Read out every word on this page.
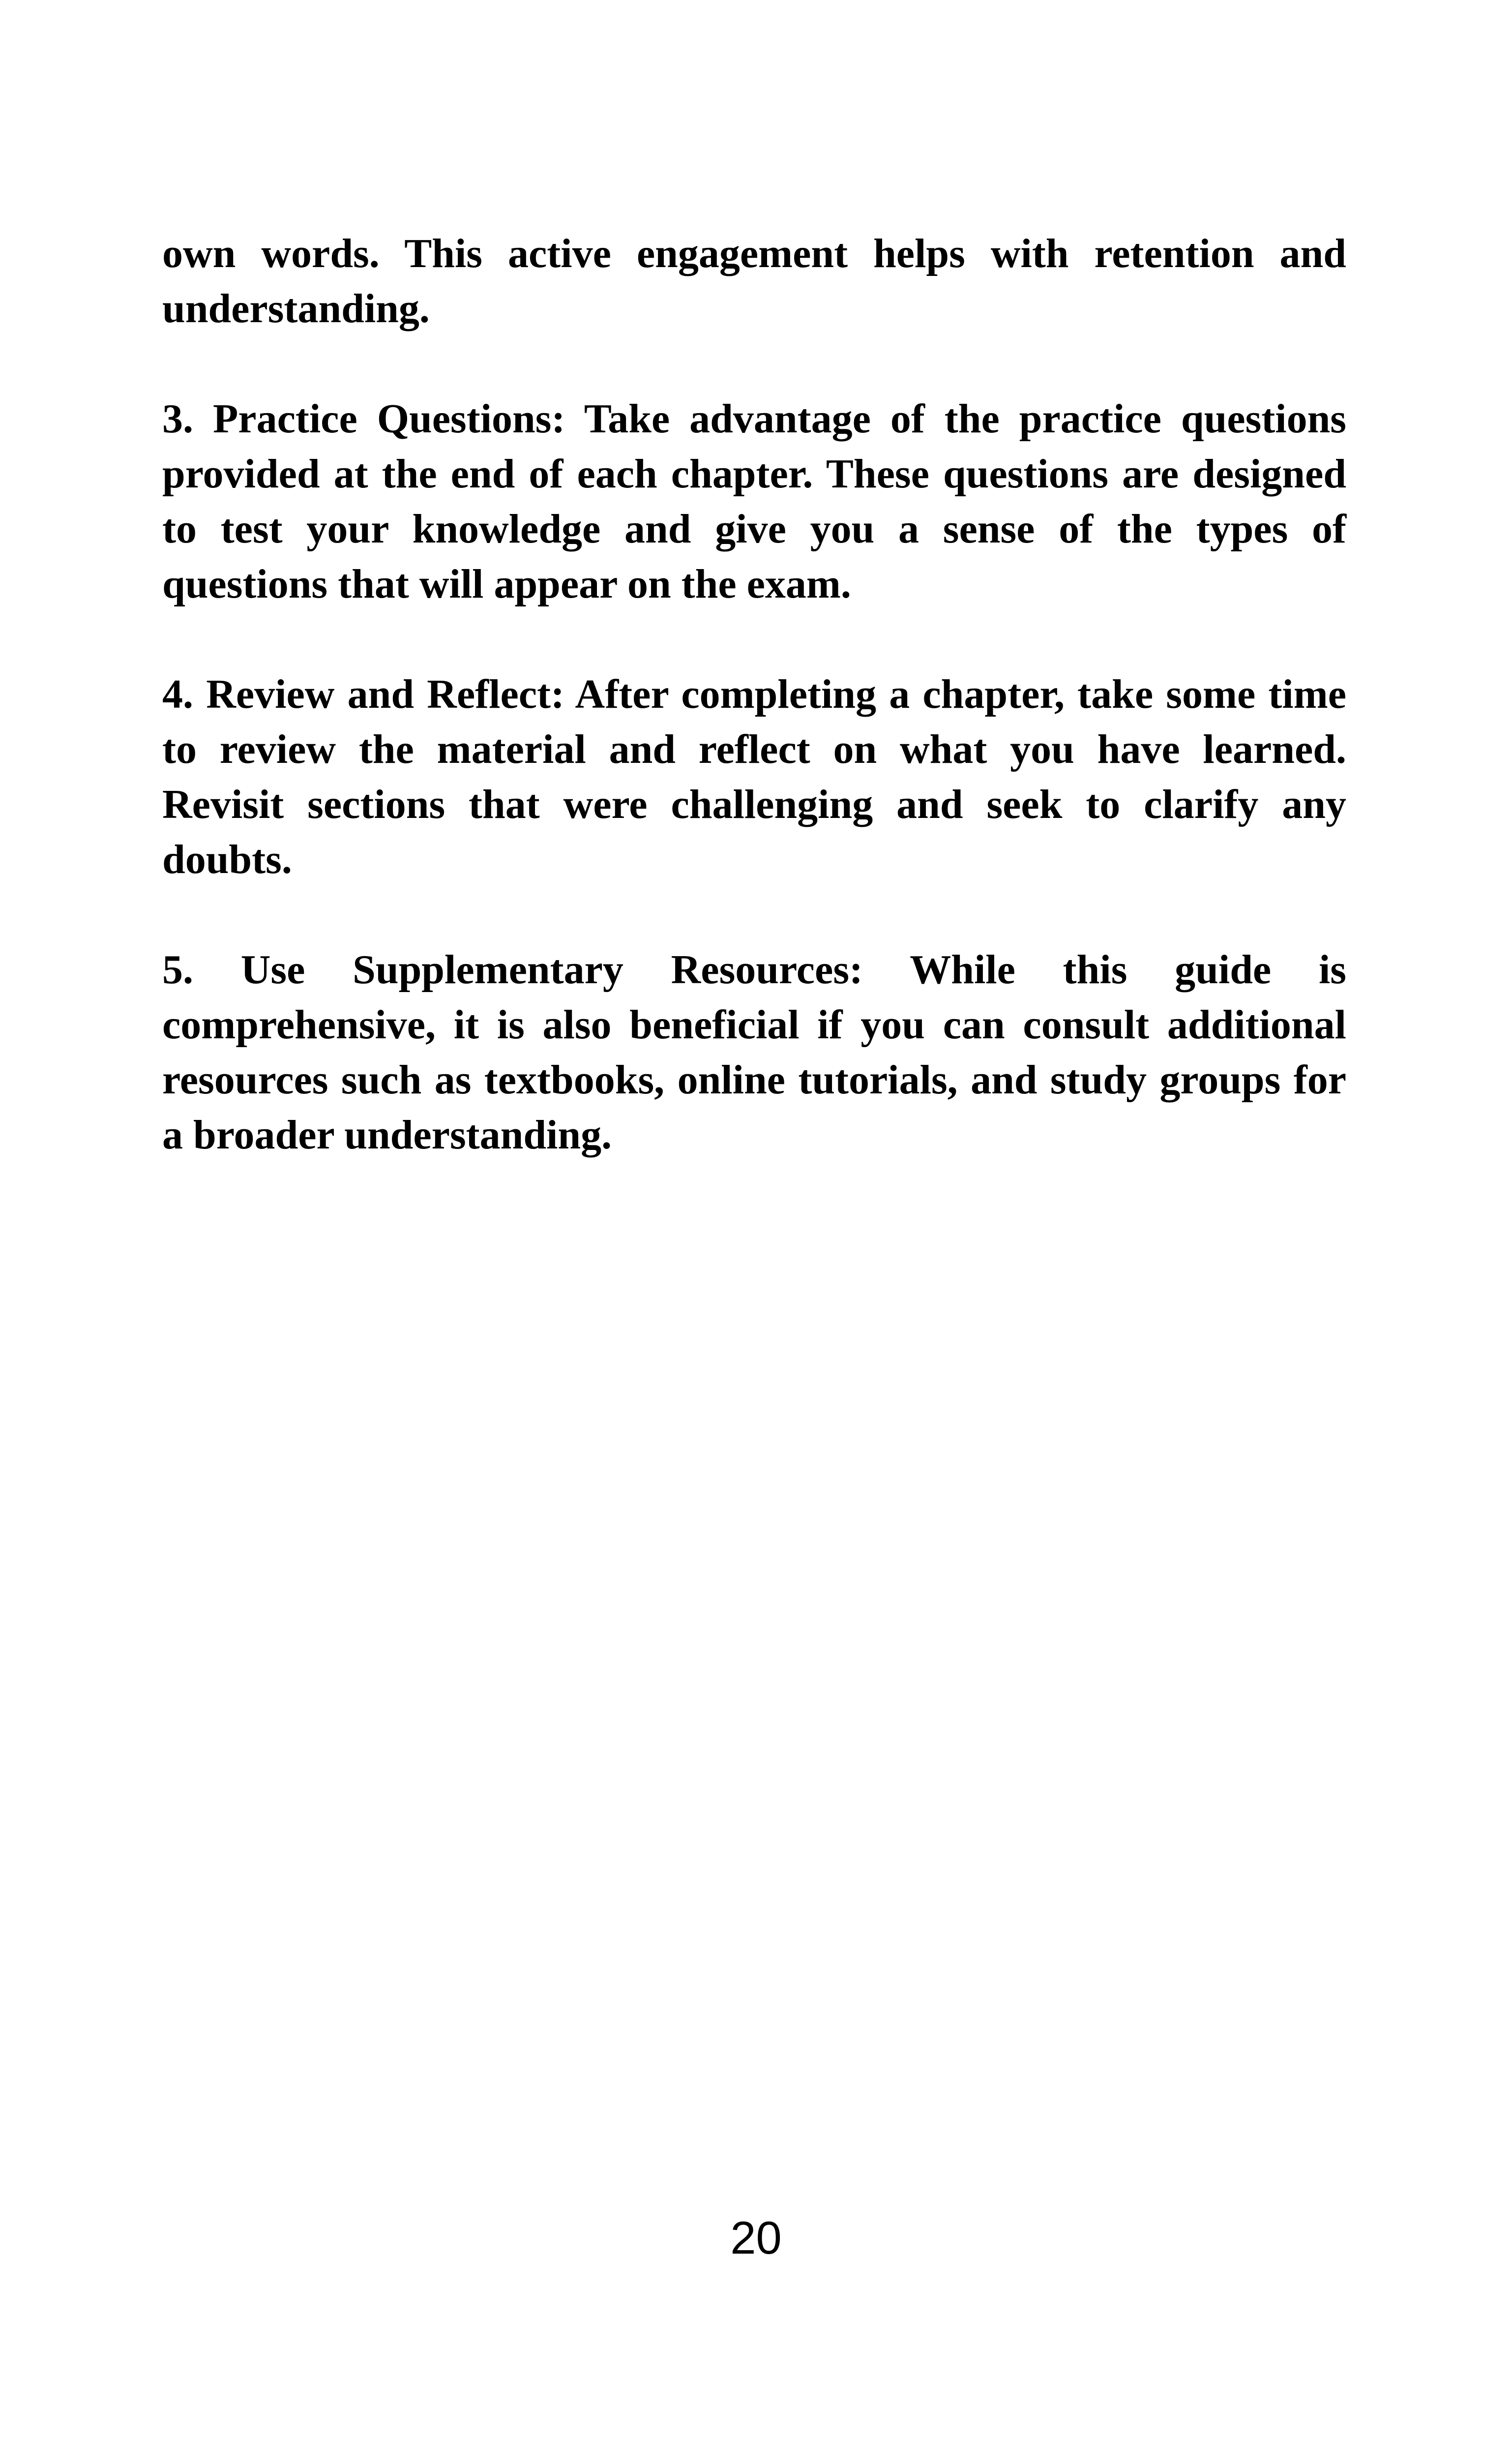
own words. This active engagement helps with retention and understanding.

3. Practice Questions: Take advantage of the practice questions provided at the end of each chapter. These questions are designed to test your knowledge and give you a sense of the types of questions that will appear on the exam.

4. Review and Reflect: After completing a chapter, take some time to review the material and reflect on what you have learned. Revisit sections that were challenging and seek to clarify any doubts.

5. Use Supplementary Resources: While this guide is comprehensive, it is also beneficial if you can consult additional resources such as textbooks, online tutorials, and study groups for a broader understanding.

20
